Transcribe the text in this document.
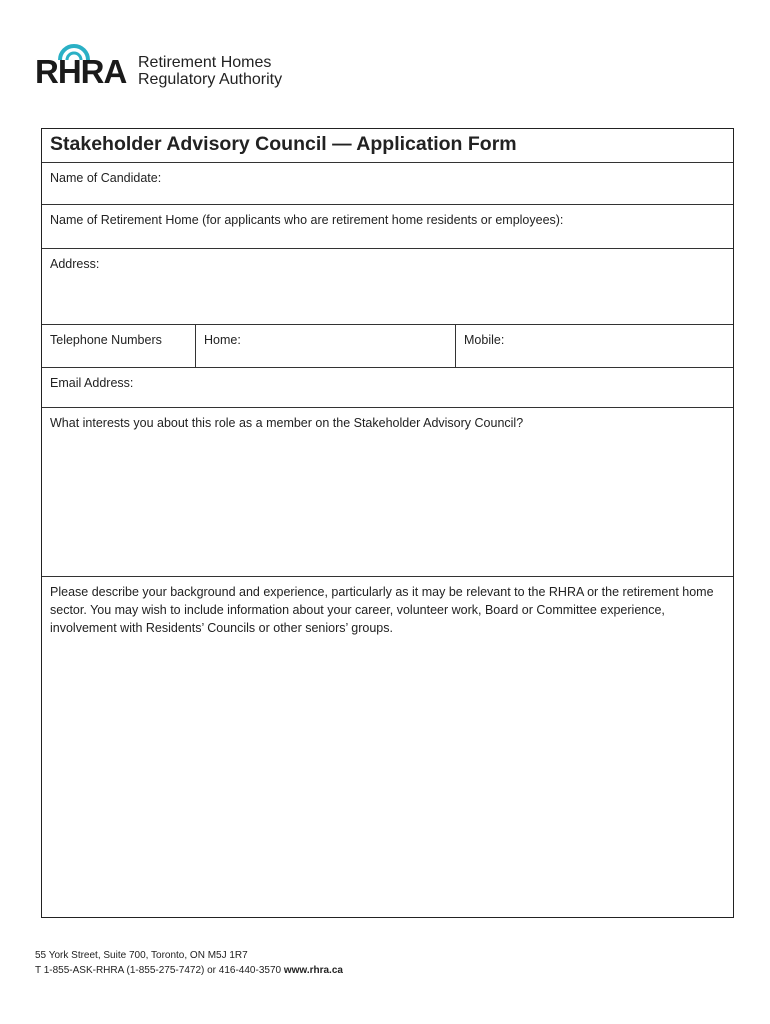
RHRA Retirement Homes
Regulatory Authority
Stakeholder Advisory Council — Application Form
Name of Candidate:
Name of Retirement Home (for applicants who are retirement home residents or employees):
Address:
Telephone Numbers	Home:	Mobile:
Email Address:
What interests you about this role as a member on the Stakeholder Advisory Council?
Please describe your background and experience, particularly as it may be relevant to the RHRA or the retirement home sector. You may wish to include information about your career, volunteer work, Board or Committee experience, involvement with Residents’ Councils or other seniors’ groups.
55 York Street, Suite 700, Toronto, ON M5J 1R7
T 1-855-ASK-RHRA (1-855-275-7472) or 416-440-3570 www.rhra.ca
